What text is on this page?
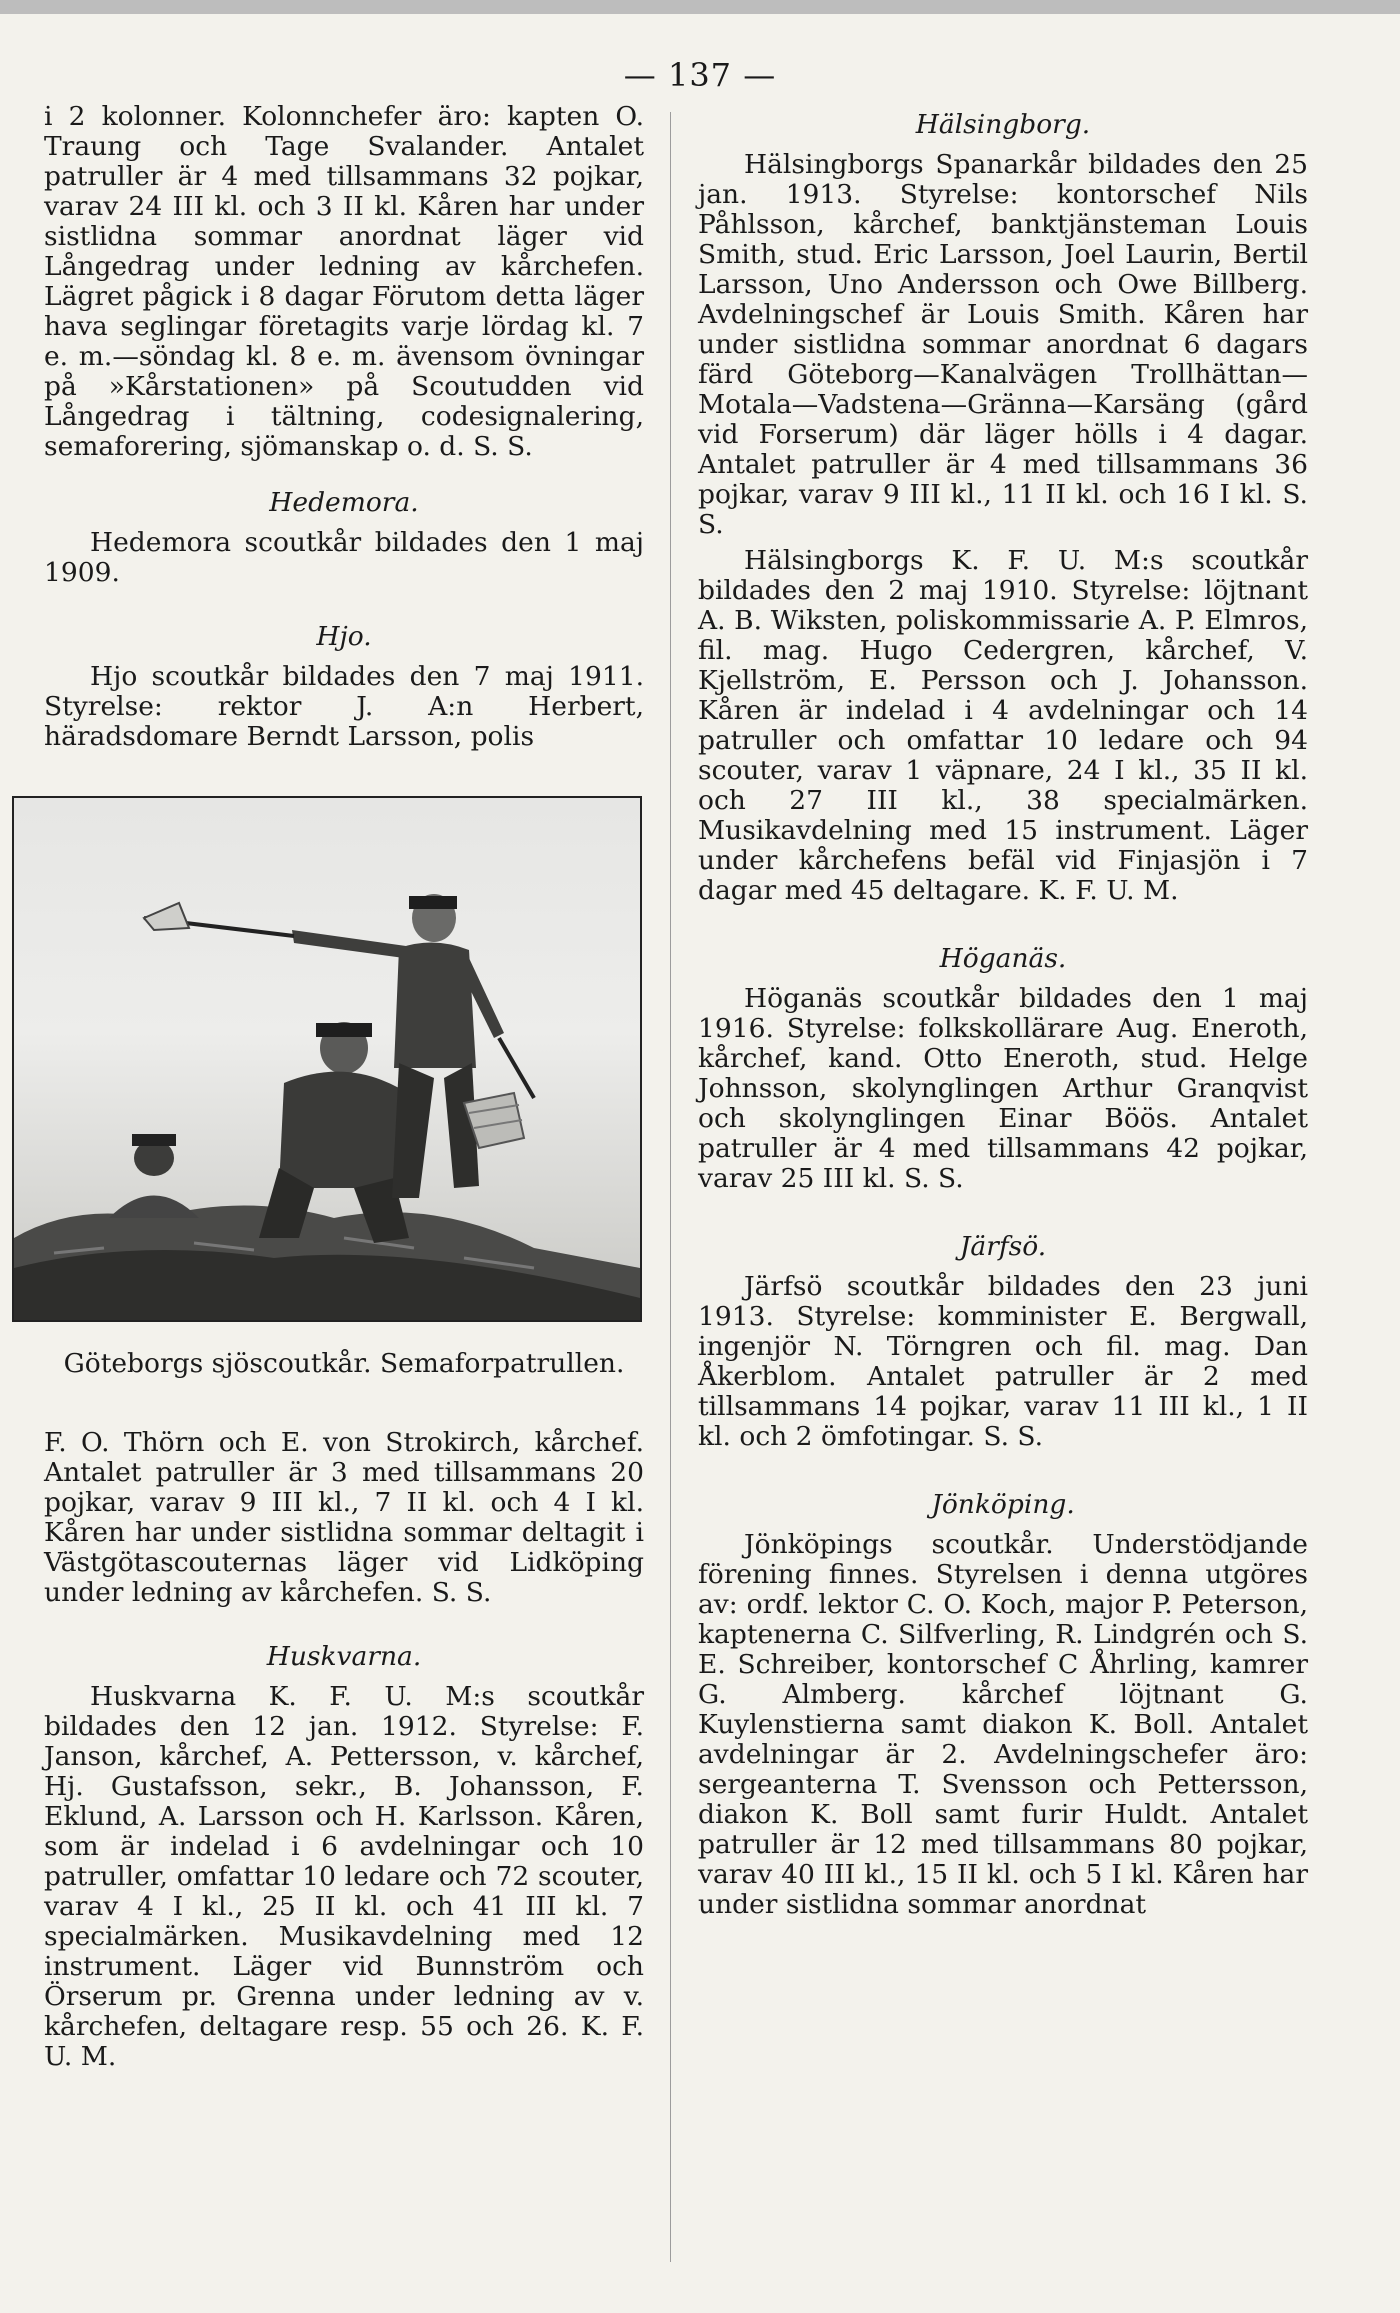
— 137 —

i 2 kolonner. Kolonnchefer äro: kapten O. Traung och Tage Svalander. Antalet patruller är 4 med tillsammans 32 pojkar, varav 24 III kl. och 3 II kl. Kåren har under sistlidna sommar anordnat läger vid Långedrag under ledning av kårchefen. Lägret pågick i 8 dagar Förutom detta läger hava seglingar företagits varje lördag kl. 7 e. m.—söndag kl. 8 e. m. ävensom övningar på »Kårstationen» på Scoutudden vid Långedrag i tältning, codesignalering, semaforering, sjömanskap o. d. S. S.

Hedemora.

Hedemora scoutkår bildades den 1 maj 1909.

Hjo.

Hjo scoutkår bildades den 7 maj 1911. Styrelse: rektor J. A:n Herbert, häradsdomare Berndt Larsson, polis

Göteborgs sjöscoutkår. Semaforpatrullen.

F. O. Thörn och E. von Strokirch, kårchef. Antalet patruller är 3 med tillsammans 20 pojkar, varav 9 III kl., 7 II kl. och 4 I kl. Kåren har under sistlidna sommar deltagit i Västgötascouternas läger vid Lidköping under ledning av kårchefen. S. S.

Huskvarna.

Huskvarna K. F. U. M:s scoutkår bildades den 12 jan. 1912. Styrelse: F. Janson, kårchef, A. Pettersson, v. kårchef, Hj. Gustafsson, sekr., B. Johansson, F. Eklund, A. Larsson och H. Karlsson. Kåren, som är indelad i 6 avdelningar och 10 patruller, omfattar 10 ledare och 72 scouter, varav 4 I kl., 25 II kl. och 41 III kl. 7 specialmärken. Musikavdelning med 12 instrument. Läger vid Bunnström och Örserum pr. Grenna under ledning av v. kårchefen, deltagare resp. 55 och 26. K. F. U. M.

Hälsingborg.

Hälsingborgs Spanarkår bildades den 25 jan. 1913. Styrelse: kontorschef Nils Påhlsson, kårchef, banktjänsteman Louis Smith, stud. Eric Larsson, Joel Laurin, Bertil Larsson, Uno Andersson och Owe Billberg. Avdelningschef är Louis Smith. Kåren har under sistlidna sommar anordnat 6 dagars färd Göteborg—Kanalvägen Trollhättan—Motala—Vadstena—Gränna—Karsäng (gård vid Forserum) där läger hölls i 4 dagar. Antalet patruller är 4 med tillsammans 36 pojkar, varav 9 III kl., 11 II kl. och 16 I kl. S. S.

Hälsingborgs K. F. U. M:s scoutkår bildades den 2 maj 1910. Styrelse: löjtnant A. B. Wiksten, poliskommissarie A. P. Elmros, fil. mag. Hugo Cedergren, kårchef, V. Kjellström, E. Persson och J. Johansson. Kåren är indelad i 4 avdelningar och 14 patruller och omfattar 10 ledare och 94 scouter, varav 1 väpnare, 24 I kl., 35 II kl. och 27 III kl., 38 specialmärken. Musikavdelning med 15 instrument. Läger under kårchefens befäl vid Finjasjön i 7 dagar med 45 deltagare. K. F. U. M.

Höganäs.

Höganäs scoutkår bildades den 1 maj 1916. Styrelse: folkskollärare Aug. Eneroth, kårchef, kand. Otto Eneroth, stud. Helge Johnsson, skolynglingen Arthur Granqvist och skolynglingen Einar Böös. Antalet patruller är 4 med tillsammans 42 pojkar, varav 25 III kl. S. S.

Järfsö.

Järfsö scoutkår bildades den 23 juni 1913. Styrelse: komminister E. Bergwall, ingenjör N. Törngren och fil. mag. Dan Åkerblom. Antalet patruller är 2 med tillsammans 14 pojkar, varav 11 III kl., 1 II kl. och 2 ömfotingar. S. S.

Jönköping.

Jönköpings scoutkår. Understödjande förening finnes. Styrelsen i denna utgöres av: ordf. lektor C. O. Koch, major P. Peterson, kaptenerna C. Silfverling, R. Lindgrén och S. E. Schreiber, kontorschef C Åhrling, kamrer G. Almberg. kårchef löjtnant G. Kuylenstierna samt diakon K. Boll. Antalet avdelningar är 2. Avdelningschefer äro: sergeanterna T. Svensson och Pettersson, diakon K. Boll samt furir Huldt. Antalet patruller är 12 med tillsammans 80 pojkar, varav 40 III kl., 15 II kl. och 5 I kl. Kåren har under sistlidna sommar anordnat
